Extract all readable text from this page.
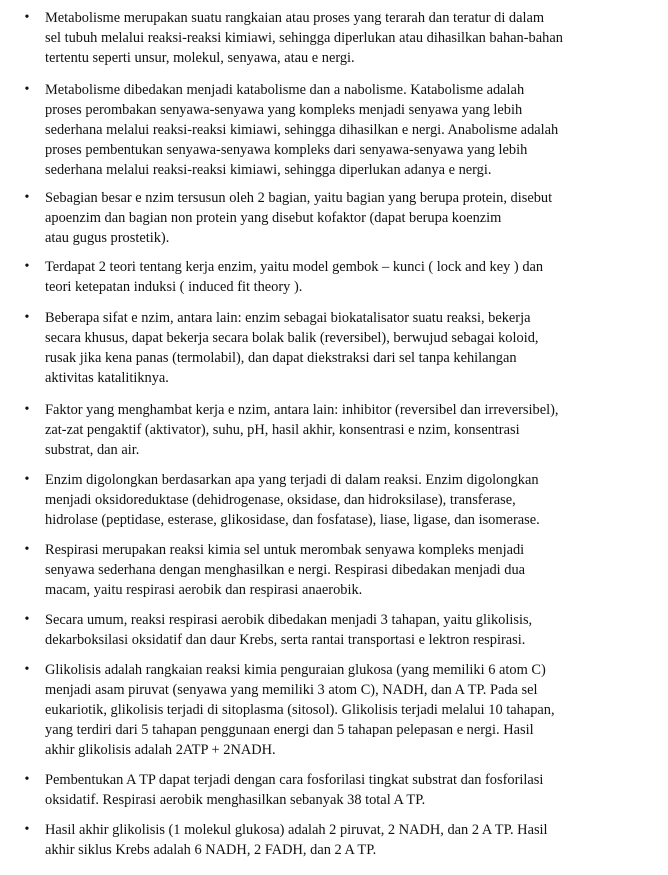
• Metabolisme merupakan suatu rangkaian atau proses yang terarah dan teratur di dalam
sel tubuh melalui reaksi-reaksi kimiawi, sehingga diperlukan atau dihasilkan bahan-bahan
tertentu seperti unsur, molekul, senyawa, atau e nergi.
• Metabolisme dibedakan menjadi katabolisme dan a nabolisme. Katabolisme adalah
proses perombakan senyawa-senyawa yang kompleks menjadi senyawa yang lebih
sederhana melalui reaksi-reaksi kimiawi, sehingga dihasilkan e nergi. Anabolisme adalah
proses pembentukan senyawa-senyawa kompleks dari senyawa-senyawa yang lebih
sederhana melalui reaksi-reaksi kimiawi, sehingga diperlukan adanya e nergi.
• Sebagian besar e nzim tersusun oleh 2 bagian, yaitu bagian yang berupa protein, disebut
apoenzim dan bagian non protein yang disebut kofaktor (dapat berupa koenzim
atau gugus prostetik).
• Terdapat 2 teori tentang kerja enzim, yaitu model gembok – kunci ( lock and key ) dan
teori ketepatan induksi ( induced fit theory ).
• Beberapa sifat e nzim, antara lain: enzim sebagai biokatalisator suatu reaksi, bekerja
secara khusus, dapat bekerja secara bolak balik (reversibel), berwujud sebagai koloid,
rusak jika kena panas (termolabil), dan dapat diekstraksi dari sel tanpa kehilangan
aktivitas katalitiknya.
• Faktor yang menghambat kerja e nzim, antara lain: inhibitor (reversibel dan irreversibel),
zat-zat pengaktif (aktivator), suhu, pH, hasil akhir, konsentrasi e nzim, konsentrasi
substrat, dan air.
• Enzim digolongkan berdasarkan apa yang terjadi di dalam reaksi. Enzim digolongkan
menjadi oksidoreduktase (dehidrogenase, oksidase, dan hidroksilase), transferase,
hidrolase (peptidase, esterase, glikosidase, dan fosfatase), liase, ligase, dan isomerase.
• Respirasi merupakan reaksi kimia sel untuk merombak senyawa kompleks menjadi
senyawa sederhana dengan menghasilkan e nergi. Respirasi dibedakan menjadi dua
macam, yaitu respirasi aerobik dan respirasi anaerobik.
• Secara umum, reaksi respirasi aerobik dibedakan menjadi 3 tahapan, yaitu glikolisis,
dekarboksilasi oksidatif dan daur Krebs, serta rantai transportasi e lektron respirasi.
• Glikolisis adalah rangkaian reaksi kimia penguraian glukosa (yang memiliki 6 atom C)
menjadi asam piruvat (senyawa yang memiliki 3 atom C), NADH, dan A TP. Pada sel
eukariotik, glikolisis terjadi di sitoplasma (sitosol). Glikolisis terjadi melalui 10 tahapan,
yang terdiri dari 5 tahapan penggunaan energi dan 5 tahapan pelepasan e nergi. Hasil
akhir glikolisis adalah 2ATP + 2NADH.
• Pembentukan A TP dapat terjadi dengan cara fosforilasi tingkat substrat dan fosforilasi
oksidatif. Respirasi aerobik menghasilkan sebanyak 38 total A TP.
• Hasil akhir glikolisis (1 molekul glukosa) adalah 2 piruvat, 2 NADH, dan 2 A TP. Hasil
akhir siklus Krebs adalah 6 NADH, 2 FADH, dan 2 A TP.
